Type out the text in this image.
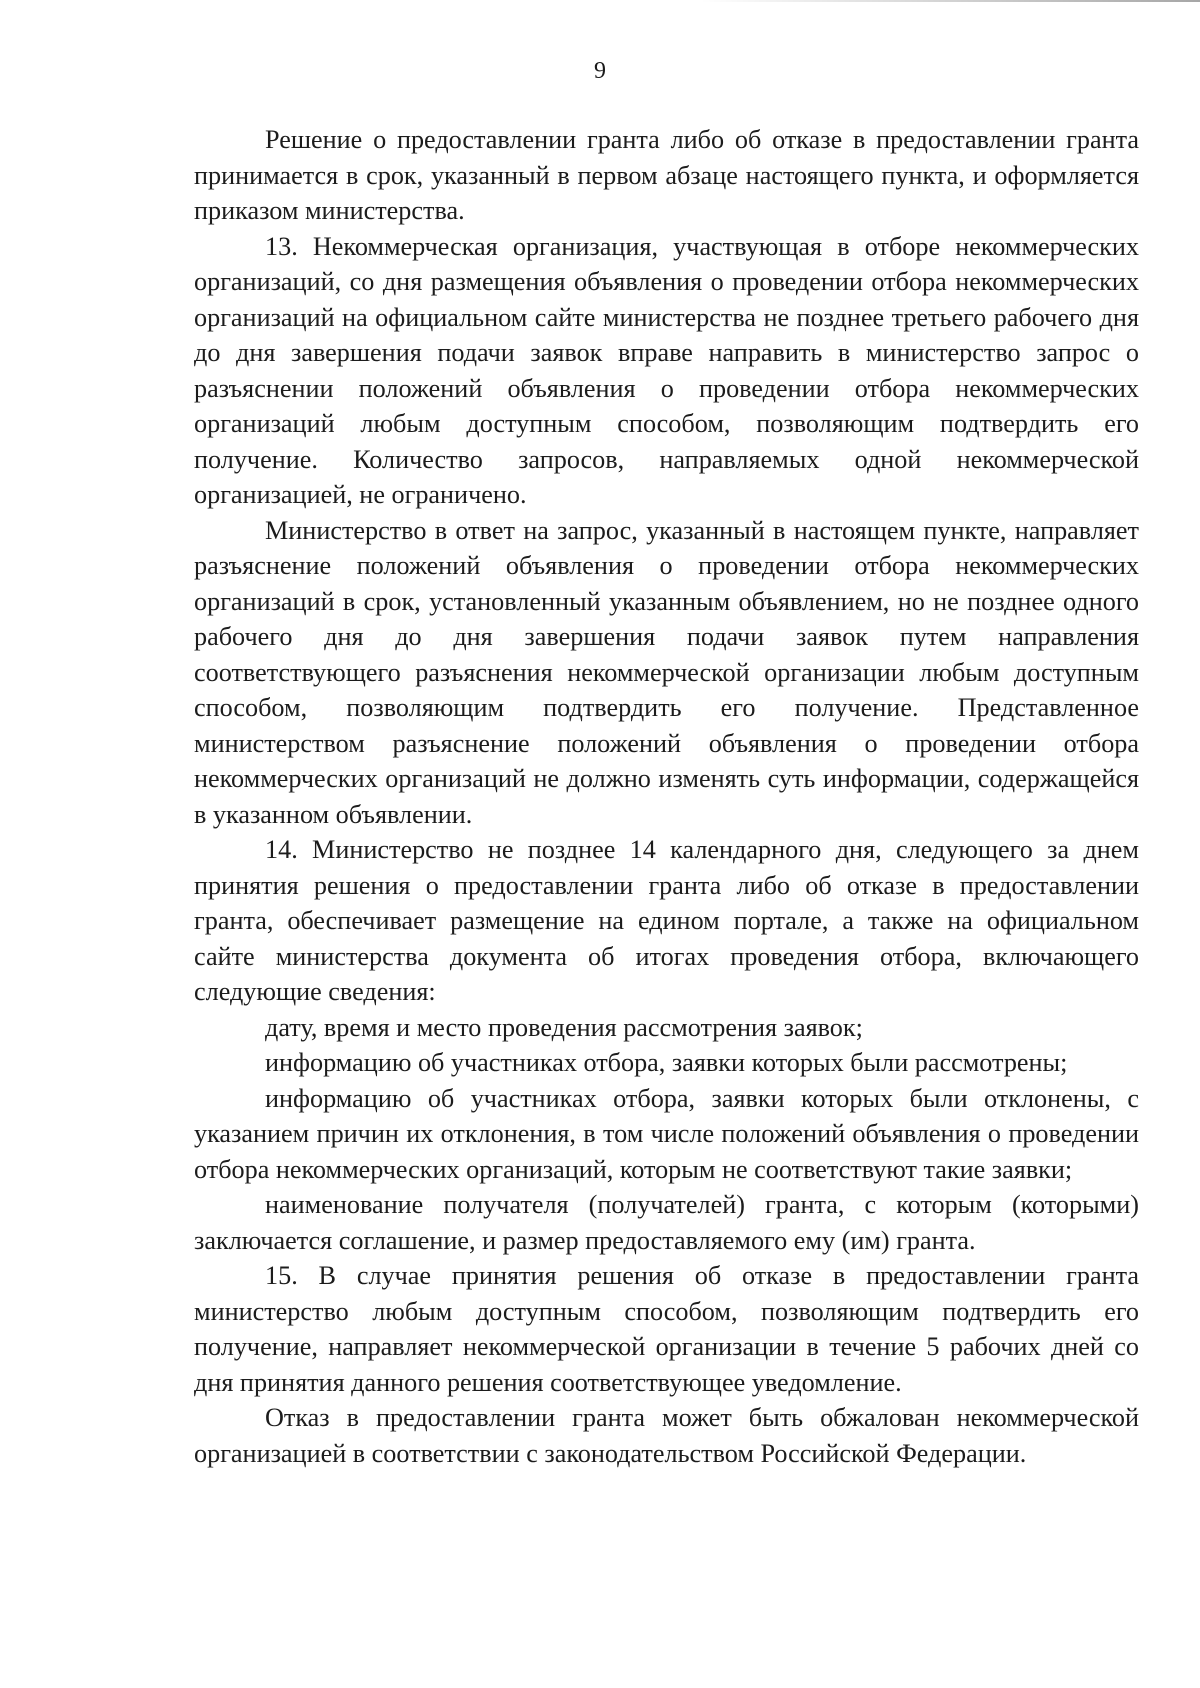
9

Решение о предоставлении гранта либо об отказе в предоставлении гранта принимается в срок, указанный в первом абзаце настоящего пункта, и оформляется приказом министерства.

13. Некоммерческая организация, участвующая в отборе некоммерческих организаций, со дня размещения объявления о проведении отбора некоммерческих организаций на официальном сайте министерства не позднее третьего рабочего дня до дня завершения подачи заявок вправе направить в министерство запрос о разъяснении положений объявления о проведении отбора некоммерческих организаций любым доступным способом, позволяющим подтвердить его получение. Количество запросов, направляемых одной некоммерческой организацией, не ограничено.

Министерство в ответ на запрос, указанный в настоящем пункте, направляет разъяснение положений объявления о проведении отбора некоммерческих организаций в срок, установленный указанным объявлением, но не позднее одного рабочего дня до дня завершения подачи заявок путем направления соответствующего разъяснения некоммерческой организации любым доступным способом, позволяющим подтвердить его получение. Представленное министерством разъяснение положений объявления о проведении отбора некоммерческих организаций не должно изменять суть информации, содержащейся в указанном объявлении.

14. Министерство не позднее 14 календарного дня, следующего за днем принятия решения о предоставлении гранта либо об отказе в предоставлении гранта, обеспечивает размещение на едином портале, а также на официальном сайте министерства документа об итогах проведения отбора, включающего следующие сведения:

дату, время и место проведения рассмотрения заявок;

информацию об участниках отбора, заявки которых были рассмотрены;

информацию об участниках отбора, заявки которых были отклонены, с указанием причин их отклонения, в том числе положений объявления о проведении отбора некоммерческих организаций, которым не соответствуют такие заявки;

наименование получателя (получателей) гранта, с которым (которыми) заключается соглашение, и размер предоставляемого ему (им) гранта.

15. В случае принятия решения об отказе в предоставлении гранта министерство любым доступным способом, позволяющим подтвердить его получение, направляет некоммерческой организации в течение 5 рабочих дней со дня принятия данного решения соответствующее уведомление.

Отказ в предоставлении гранта может быть обжалован некоммерческой организацией в соответствии с законодательством Российской Федерации.
